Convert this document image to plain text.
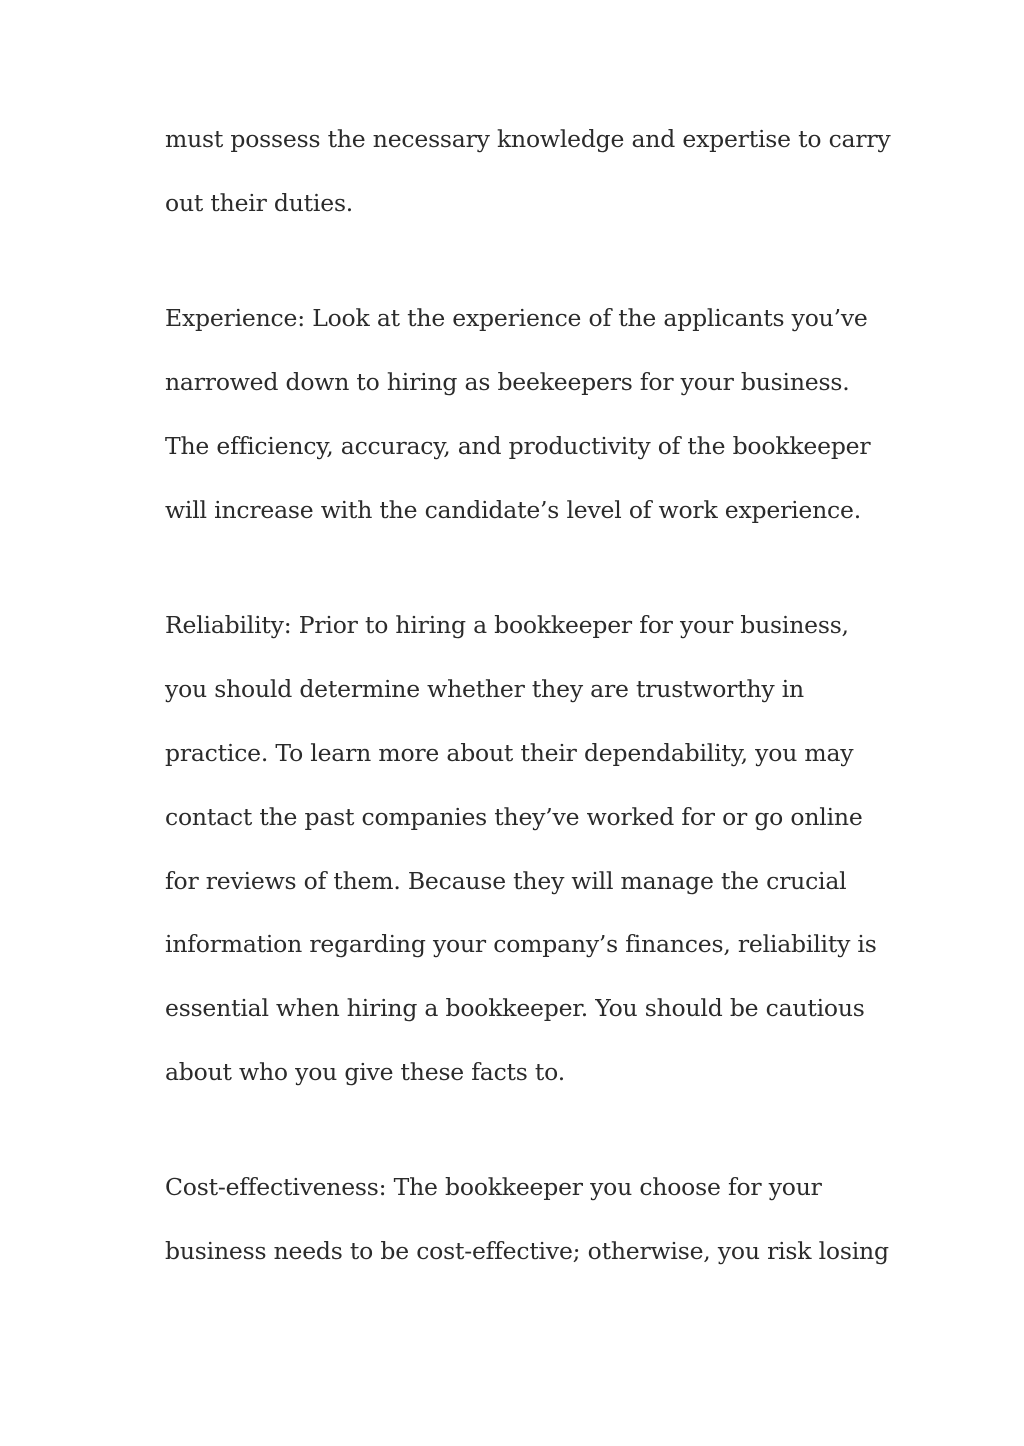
must possess the necessary knowledge and expertise to carry

out their duties.

Experience: Look at the experience of the applicants you’ve

narrowed down to hiring as beekeepers for your business.

The efficiency, accuracy, and productivity of the bookkeeper

will increase with the candidate’s level of work experience.

Reliability: Prior to hiring a bookkeeper for your business,

you should determine whether they are trustworthy in

practice. To learn more about their dependability, you may

contact the past companies they’ve worked for or go online

for reviews of them. Because they will manage the crucial

information regarding your company’s finances, reliability is

essential when hiring a bookkeeper. You should be cautious

about who you give these facts to.

Cost-effectiveness: The bookkeeper you choose for your

business needs to be cost-effective; otherwise, you risk losing
